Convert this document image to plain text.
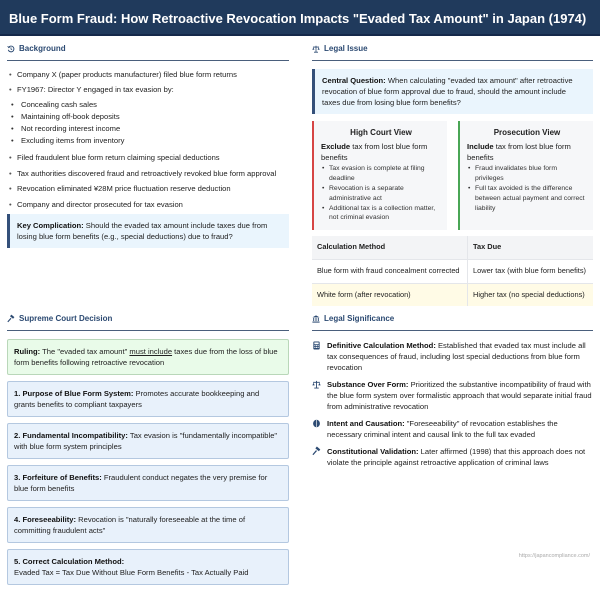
Blue Form Fraud: How Retroactive Revocation Impacts "Evaded Tax Amount" in Japan (1974)
Background
• Company X (paper products manufacturer) filed blue form returns
• FY1967: Director Y engaged in tax evasion by:
• Concealing cash sales
• Maintaining off-book deposits
• Not recording interest income
• Excluding items from inventory
• Filed fraudulent blue form return claiming special deductions
• Tax authorities discovered fraud and retroactively revoked blue form approval
• Revocation eliminated ¥28M price fluctuation reserve deduction
• Company and director prosecuted for tax evasion
Key Complication: Should the evaded tax amount include taxes due from losing blue form benefits (e.g., special deductions) due to fraud?
Legal Issue
Central Question: When calculating "evaded tax amount" after retroactive revocation of blue form approval due to fraud, should the amount include taxes due from losing blue form benefits?
High Court View
Exclude tax from lost blue form benefits
• Tax evasion is complete at filing deadline
• Revocation is a separate administrative act
• Additional tax is a collection matter, not criminal evasion
Prosecution View
Include tax from lost blue form benefits
• Fraud invalidates blue form privileges
• Full tax avoided is the difference between actual payment and correct liability
Calculation Method	Tax Due
Blue form with fraud concealment corrected	Lower tax (with blue form benefits)
White form (after revocation)	Higher tax (no special deductions)
Supreme Court Decision
Ruling: The "evaded tax amount" must include taxes due from the loss of blue form benefits following retroactive revocation
1. Purpose of Blue Form System: Promotes accurate bookkeeping and grants benefits to compliant taxpayers
2. Fundamental Incompatibility: Tax evasion is "fundamentally incompatible" with blue form system principles
3. Forfeiture of Benefits: Fraudulent conduct negates the very premise for blue form benefits
4. Foreseeability: Revocation is "naturally foreseeable at the time of committing fraudulent acts"
5. Correct Calculation Method:
Evaded Tax = Tax Due Without Blue Form Benefits - Tax Actually Paid
Legal Significance
Definitive Calculation Method: Established that evaded tax must include all tax consequences of fraud, including lost special deductions from blue form revocation
Substance Over Form: Prioritized the substantive incompatibility of fraud with the blue form system over formalistic approach that would separate initial fraud from administrative revocation
Intent and Causation: "Foreseeability" of revocation establishes the necessary criminal intent and causal link to the full tax evaded
Constitutional Validation: Later affirmed (1998) that this approach does not violate the principle against retroactive application of criminal laws
https://japancompliance.com/
